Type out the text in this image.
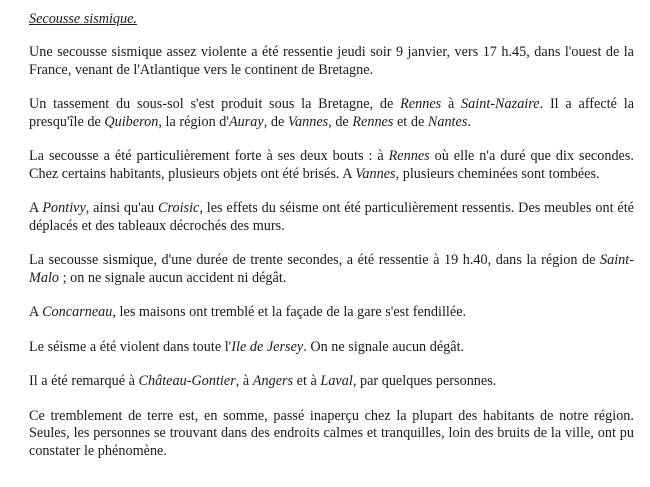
Secousse sismique.

Une secousse sismique assez violente a été ressentie jeudi soir 9 janvier, vers 17 h.45, dans l'ouest de la France, venant de l'Atlantique vers le continent de Bretagne.

Un tassement du sous-sol s'est produit sous la Bretagne, de Rennes à Saint-Nazaire. Il a affecté la presqu'île de Quiberon, la région d'Auray, de Vannes, de Rennes et de Nantes.

La secousse a été particulièrement forte à ses deux bouts : à Rennes où elle n'a duré que dix secondes. Chez certains habitants, plusieurs objets ont été brisés. A Vannes, plusieurs cheminées sont tombées.

A Pontivy, ainsi qu'au Croisic, les effets du séisme ont été particulièrement ressentis. Des meubles ont été déplacés et des tableaux décrochés des murs.

La secousse sismique, d'une durée de trente secondes, a été ressentie à 19 h.40, dans la région de Saint-Malo ; on ne signale aucun accident ni dégât.

A Concarneau, les maisons ont tremblé et la façade de la gare s'est fendillée.

Le séisme a été violent dans toute l'Ile de Jersey. On ne signale aucun dégât.

Il a été remarqué à Château-Gontier, à Angers et à Laval, par quelques personnes.

Ce tremblement de terre est, en somme, passé inaperçu chez la plupart des habitants de notre région. Seules, les personnes se trouvant dans des endroits calmes et tranquilles, loin des bruits de la ville, ont pu constater le phénomène.
